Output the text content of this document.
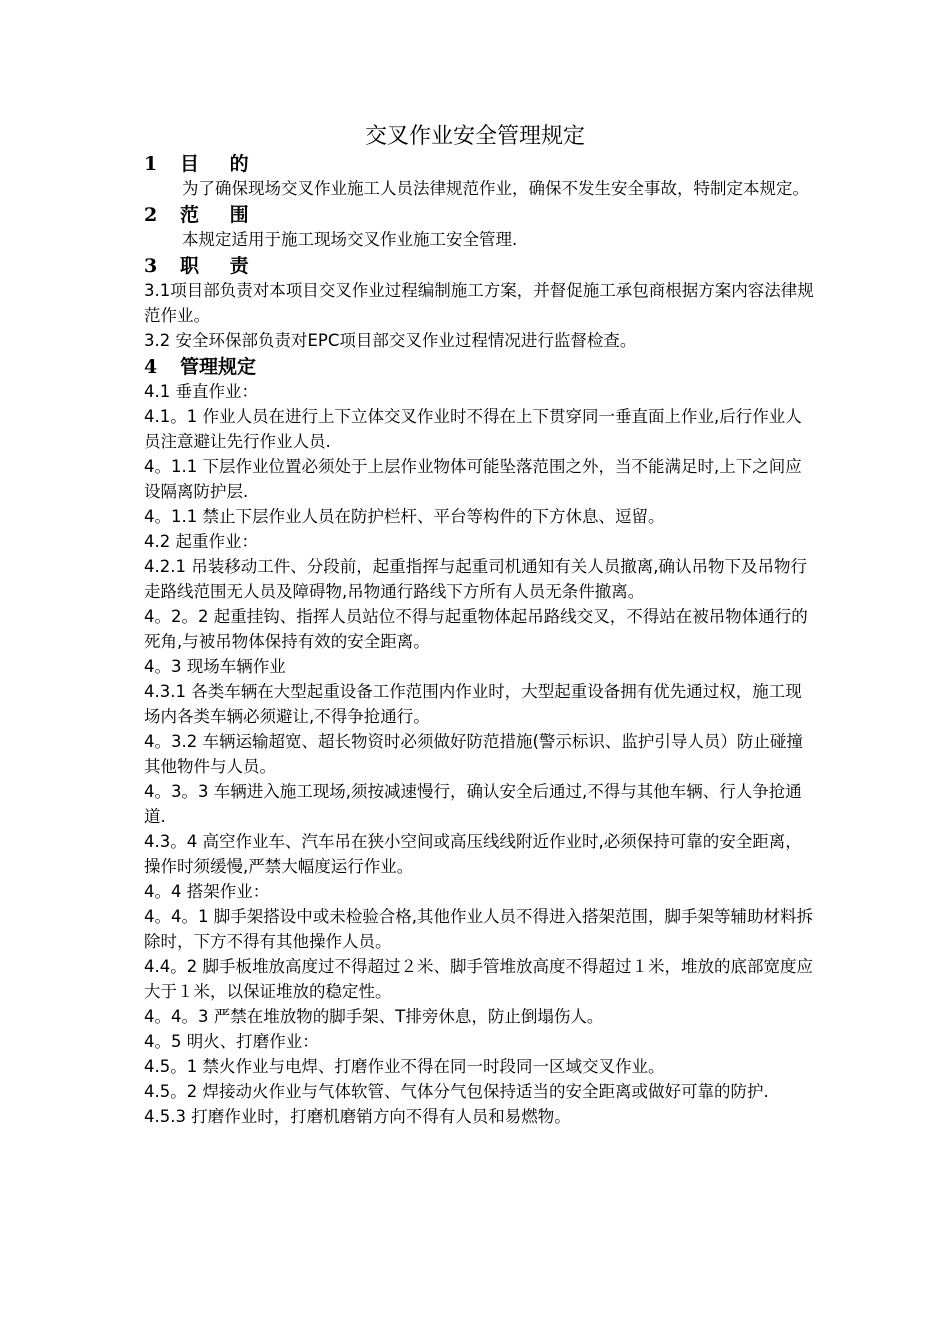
交叉作业安全管理规定
1 目 的

为了确保现场交叉作业施工人员法律规范作业，确保不发生安全事故，特制定本规定。

2 范 围

本规定适用于施工现场交叉作业施工安全管理.

3 职 责

3.1项目部负责对本项目交叉作业过程编制施工方案，并督促施工承包商根据方案内容法律规范作业。

3.2 安全环保部负责对EPC项目部交叉作业过程情况进行监督检查。

4 管理规定

4.1 垂直作业：

4.1。1 作业人员在进行上下立体交叉作业时不得在上下贯穿同一垂直面上作业,后行作业人员注意避让先行作业人员.

4。1.1 下层作业位置必须处于上层作业物体可能坠落范围之外，当不能满足时,上下之间应设隔离防护层.

4。1.1 禁止下层作业人员在防护栏杆、平台等构件的下方休息、逗留。

4.2 起重作业：

4.2.1 吊装移动工件、分段前，起重指挥与起重司机通知有关人员撤离,确认吊物下及吊物行走路线范围无人员及障碍物,吊物通行路线下方所有人员无条件撤离。

4。2。2 起重挂钩、指挥人员站位不得与起重物体起吊路线交叉，不得站在被吊物体通行的死角,与被吊物体保持有效的安全距离。

4。3 现场车辆作业

4.3.1 各类车辆在大型起重设备工作范围内作业时，大型起重设备拥有优先通过权，施工现场内各类车辆必须避让,不得争抢通行。

4。3.2 车辆运输超宽、超长物资时必须做好防范措施(警示标识、监护引导人员）防止碰撞其他物件与人员。

4。3。3 车辆进入施工现场,须按减速慢行，确认安全后通过,不得与其他车辆、行人争抢通道.

4.3。4 高空作业车、汽车吊在狭小空间或高压线线附近作业时,必须保持可靠的安全距离，操作时须缓慢,严禁大幅度运行作业。

4。4 搭架作业：

4。4。1 脚手架搭设中或未检验合格,其他作业人员不得进入搭架范围，脚手架等辅助材料拆除时，下方不得有其他操作人员。

4.4。2 脚手板堆放高度过不得超过２米、脚手管堆放高度不得超过１米，堆放的底部宽度应大于１米，以保证堆放的稳定性。

4。4。3 严禁在堆放物的脚手架、T排旁休息，防止倒塌伤人。

4。5 明火、打磨作业：

4.5。1 禁火作业与电焊、打磨作业不得在同一时段同一区域交叉作业。

4.5。2 焊接动火作业与气体软管、气体分气包保持适当的安全距离或做好可靠的防护.

4.5.3 打磨作业时，打磨机磨销方向不得有人员和易燃物。
